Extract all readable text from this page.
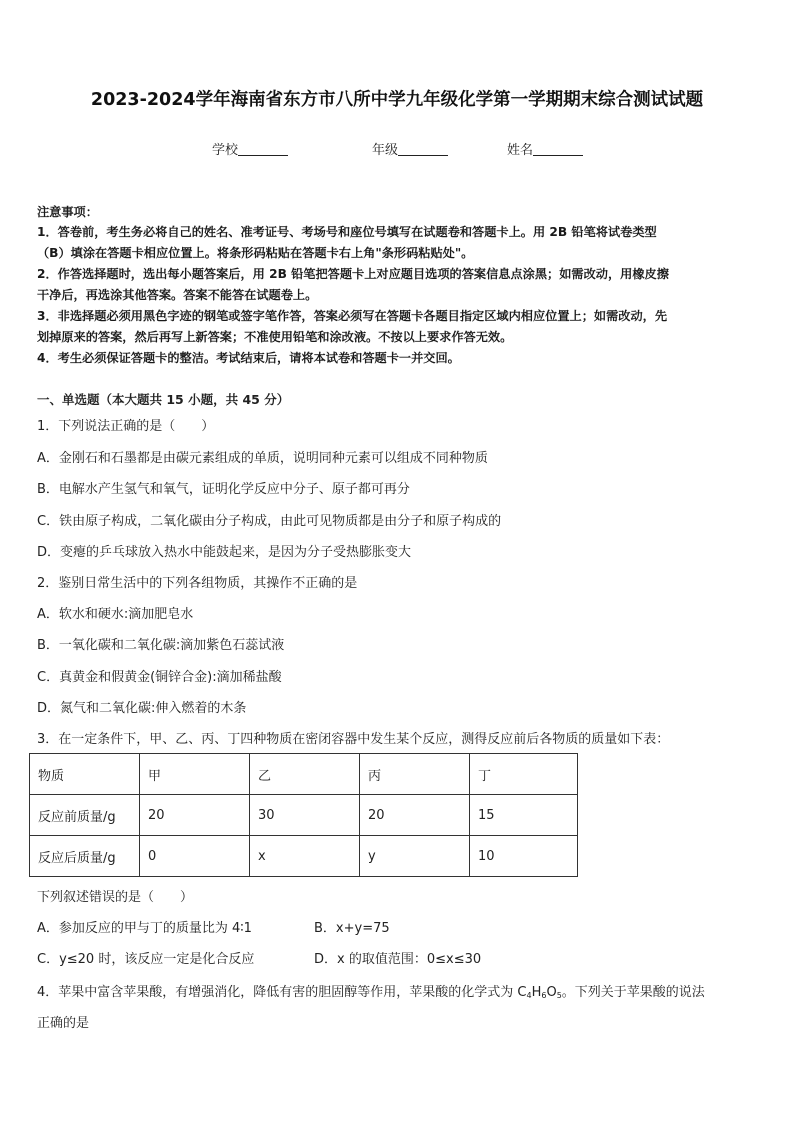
2023-2024学年海南省东方市八所中学九年级化学第一学期期末综合测试试题
学校	年级	姓名
注意事项：
1．答卷前，考生务必将自己的姓名、准考证号、考场号和座位号填写在试题卷和答题卡上。用 2B 铅笔将试卷类型
（B）填涂在答题卡相应位置上。将条形码粘贴在答题卡右上角"条形码粘贴处"。
2．作答选择题时，选出每小题答案后，用 2B 铅笔把答题卡上对应题目选项的答案信息点涂黑；如需改动，用橡皮擦
干净后，再选涂其他答案。答案不能答在试题卷上。
3．非选择题必须用黑色字迹的钢笔或签字笔作答，答案必须写在答题卡各题目指定区域内相应位置上；如需改动，先
划掉原来的答案，然后再写上新答案；不准使用铅笔和涂改液。不按以上要求作答无效。
4．考生必须保证答题卡的整洁。考试结束后，请将本试卷和答题卡一并交回。
一、单选题（本大题共 15 小题，共 45 分）
1．下列说法正确的是（　　）
A．金刚石和石墨都是由碳元素组成的单质，说明同种元素可以组成不同种物质
B．电解水产生氢气和氧气，证明化学反应中分子、原子都可再分
C．铁由原子构成，二氧化碳由分子构成，由此可见物质都是由分子和原子构成的
D．变瘪的乒乓球放入热水中能鼓起来，是因为分子受热膨胀变大
2．鉴别日常生活中的下列各组物质，其操作不正确的是
A．软水和硬水:滴加肥皂水
B．一氧化碳和二氧化碳:滴加紫色石蕊试液
C．真黄金和假黄金(铜锌合金):滴加稀盐酸
D．氮气和二氧化碳:伸入燃着的木条
3．在一定条件下，甲、乙、丙、丁四种物质在密闭容器中发生某个反应，测得反应前后各物质的质量如下表：
物质	甲	乙	丙	丁
反应前质量/g	20	30	20	15
反应后质量/g	0	x	y	10
下列叙述错误的是（　　）
A．参加反应的甲与丁的质量比为 4∶1	B．x+y=75
C．y≤20 时，该反应一定是化合反应	D．x 的取值范围：0≤x≤30
4．苹果中富含苹果酸，有增强消化，降低有害的胆固醇等作用，苹果酸的化学式为 $C_4H_6O_5$。下列关于苹果酸的说法
正确的是
